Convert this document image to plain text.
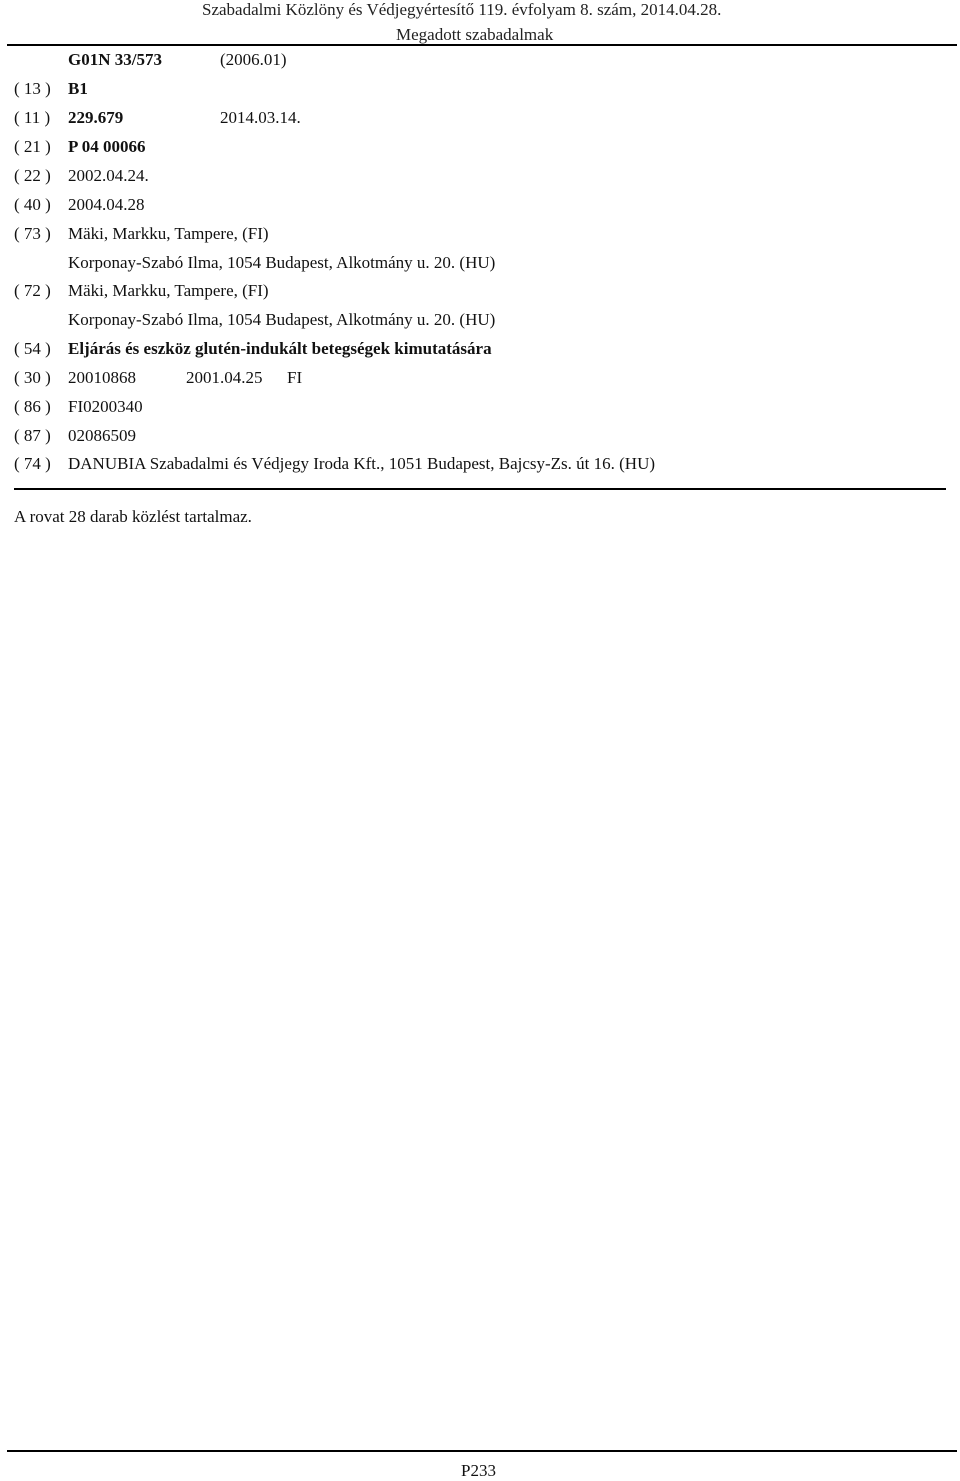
Szabadalmi Közlöny és Védjegyértesítő 119. évfolyam 8. szám, 2014.04.28.
Megadott szabadalmak
G01N 33/573	(2006.01)
( 13 ) B1
( 11 ) 229.679	2014.03.14.
( 21 ) P 04 00066
( 22 ) 2002.04.24.
( 40 ) 2004.04.28
( 73 ) Mäki, Markku, Tampere, (FI)
Korponay-Szabó Ilma, 1054 Budapest, Alkotmány u. 20. (HU)
( 72 ) Mäki, Markku, Tampere, (FI)
Korponay-Szabó Ilma, 1054 Budapest, Alkotmány u. 20. (HU)
( 54 ) Eljárás és eszköz glutén-indukált betegségek kimutatására
( 30 ) 20010868	2001.04.25 FI
( 86 ) FI0200340
( 87 ) 02086509
( 74 ) DANUBIA Szabadalmi és Védjegy Iroda Kft., 1051 Budapest, Bajcsy-Zs. út 16. (HU)
A rovat 28 darab közlést tartalmaz.
P233
